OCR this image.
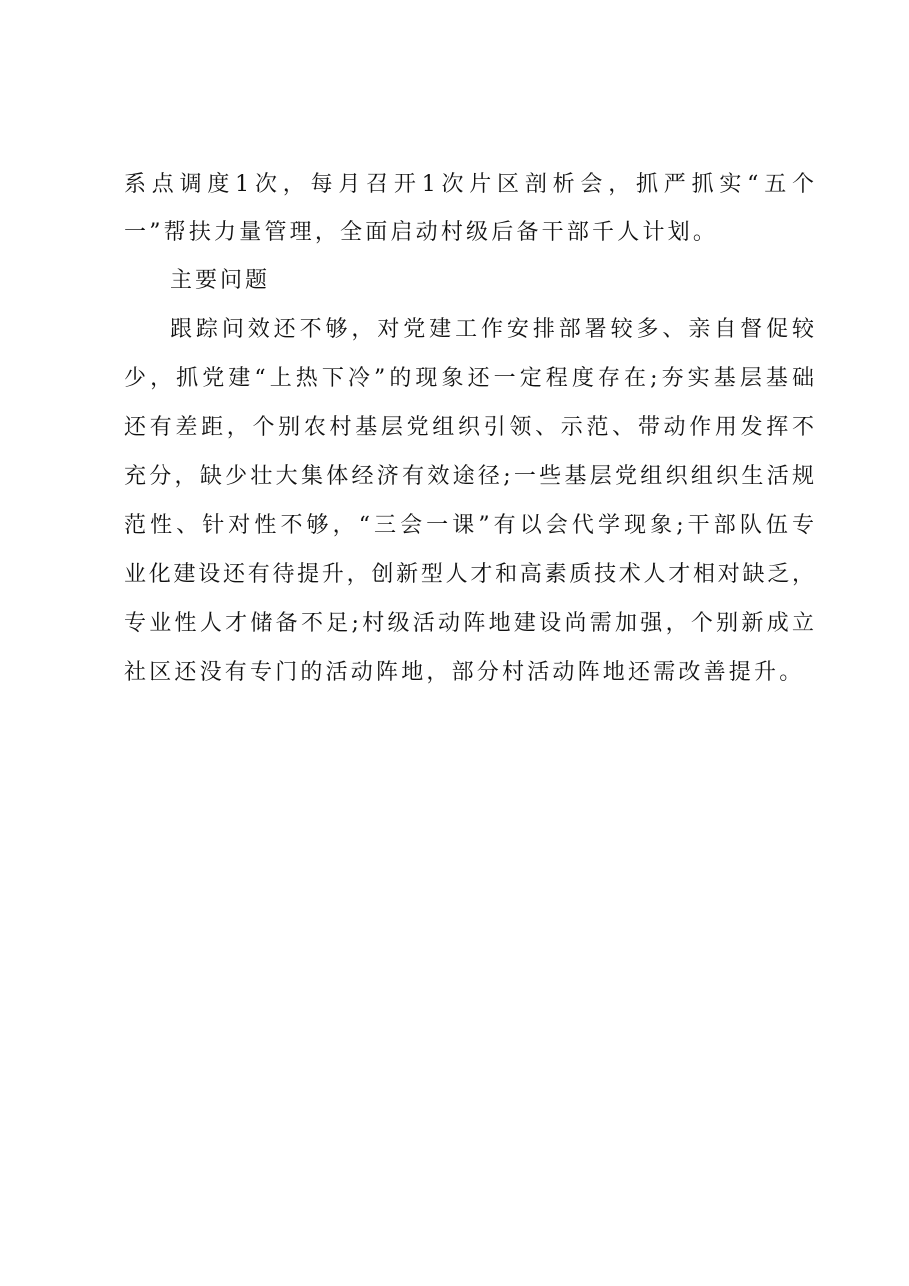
系点调度1次，每月召开1次片区剖析会，抓严抓实“五个
一”帮扶力量管理，全面启动村级后备干部千人计划。
主要问题
跟踪问效还不够，对党建工作安排部署较多、亲自督促较
少，抓党建“上热下冷”的现象还一定程度存在;夯实基层基础
还有差距，个别农村基层党组织引领、示范、带动作用发挥不
充分，缺少壮大集体经济有效途径;一些基层党组织组织生活规
范性、针对性不够，“三会一课”有以会代学现象;干部队伍专
业化建设还有待提升，创新型人才和高素质技术人才相对缺乏，
专业性人才储备不足;村级活动阵地建设尚需加强，个别新成立
社区还没有专门的活动阵地，部分村活动阵地还需改善提升。
